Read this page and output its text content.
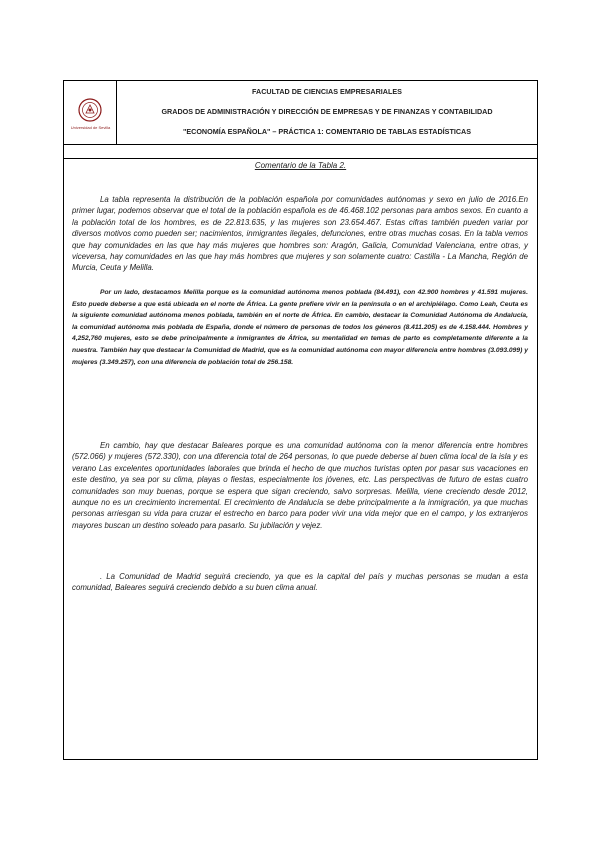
Universidad de Sevilla
FACULTAD DE CIENCIAS EMPRESARIALES
GRADOS DE ADMINISTRACIÓN Y DIRECCIÓN DE EMPRESAS Y DE FINANZAS Y CONTABILIDAD
"ECONOMÍA ESPAÑOLA" – PRÁCTICA 1: COMENTARIO DE TABLAS ESTADÍSTICAS
Comentario de la Tabla 2.

La tabla representa la distribución de la población española por comunidades autónomas y sexo en julio de 2016.En primer lugar, podemos observar que el total de la población española es de 46.468.102 personas para ambos sexos. En cuanto a la población total de los hombres, es de 22.813.635, y las mujeres son 23.654.467. Estas cifras también pueden variar por diversos motivos como pueden ser; nacimientos, inmigrantes ilegales, defunciones, entre otras muchas cosas. En la tabla vemos que hay comunidades en las que hay más mujeres que hombres son: Aragón, Galicia, Comunidad Valenciana, entre otras, y viceversa, hay comunidades en las que hay más hombres que mujeres y son solamente cuatro: Castilla - La Mancha, Región de Murcia, Ceuta y Melilla.

Por un lado, destacamos Melilla porque es la comunidad autónoma menos poblada (84.491), con 42.900 hombres y 41.591 mujeres. Esto puede deberse a que está ubicada en el norte de África. La gente prefiere vivir en la península o en el archipiélago. Como Leah, Ceuta es la siguiente comunidad autónoma menos poblada, también en el norte de África. En cambio, destacar la Comunidad Autónoma de Andalucía, la comunidad autónoma más poblada de España, donde el número de personas de todos los géneros (8.411.205) es de 4.158.444. Hombres y 4,252,760 mujeres, esto se debe principalmente a inmigrantes de África, su mentalidad en temas de parto es completamente diferente a la nuestra. También hay que destacar la Comunidad de Madrid, que es la comunidad autónoma con mayor diferencia entre hombres (3.093.099) y mujeres (3.349.257), con una diferencia de población total de 256.158.

En cambio, hay que destacar Baleares porque es una comunidad autónoma con la menor diferencia entre hombres (572.066) y mujeres (572.330), con una diferencia total de 264 personas, lo que puede deberse al buen clima local de la isla y es verano Las excelentes oportunidades laborales que brinda el hecho de que muchos turistas opten por pasar sus vacaciones en este destino, ya sea por su clima, playas o fiestas, especialmente los jóvenes, etc. Las perspectivas de futuro de estas cuatro comunidades son muy buenas, porque se espera que sigan creciendo, salvo sorpresas. Melilla, viene creciendo desde 2012, aunque no es un crecimiento incremental. El crecimiento de Andalucía se debe principalmente a la inmigración, ya que muchas personas arriesgan su vida para cruzar el estrecho en barco para poder vivir una vida mejor que en el campo, y los extranjeros mayores buscan un destino soleado para pasarlo. Su jubilación y vejez.

. La Comunidad de Madrid seguirá creciendo, ya que es la capital del país y muchas personas se mudan a esta comunidad, Baleares seguirá creciendo debido a su buen clima anual.
